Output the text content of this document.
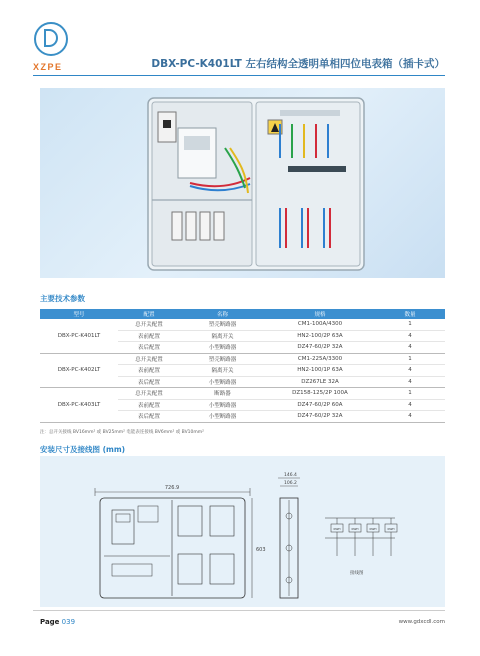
XZPE	DBX-PC-K401LT 左右结构全透明单相四位电表箱（插卡式）
主要技术参数
型号	配置	名称	规格	数量
DBX-PC-K401LT	总开关配置	塑壳断路器	CM1-100A/4300	1
	表前配置	隔离开关	HN2-100/2P 63A	4
	表后配置	小型断路器	DZ47-60/2P 32A	4
DBX-PC-K402LT	总开关配置	塑壳断路器	CM1-225A/3300	1
	表前配置	隔离开关	HN2-100/1P 63A	4
	表后配置	小型断路器	DZ267LE 32A	4
DBX-PC-K403LT	总开关配置	断路器	DZ158-125/2P 100A	1
	表前配置	小型断路器	DZ47-60/2P 60A	4
	表后配置	小型断路器	DZ47-60/2P 32A	4
注：总开关接线 BV16mm² 或 BV25mm² 电能表连接线 BV6mm² 或 BV10mm²
安装尺寸及接线图 (mm)
726.9
603
146.4
106.2
KWH	KWH	KWH	KWH
接线图
Page 039	www.gdxcdl.com
